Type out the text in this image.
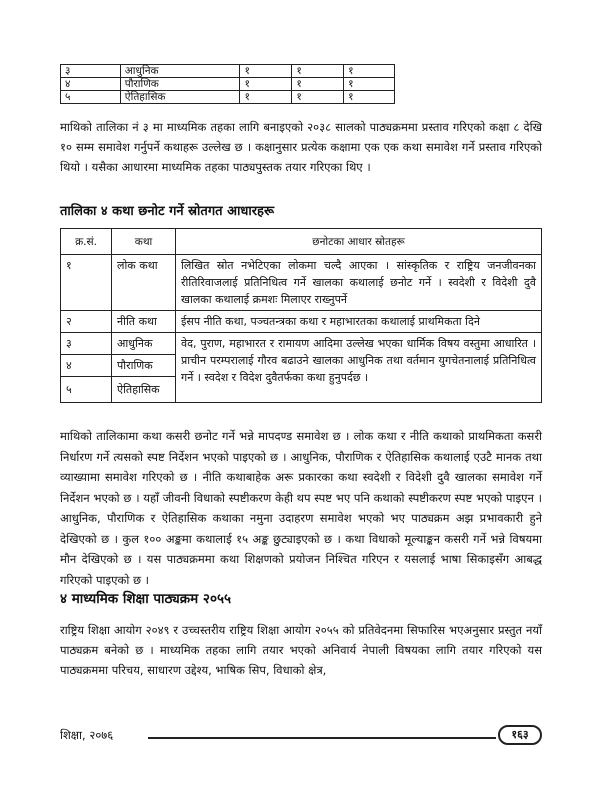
३	आधुनिक	१	१	१
४	पौराणिक	१	१	१
५	ऐतिहासिक	१	१	१

माथिको तालिका नं ३ मा माध्यमिक तहका लागि बनाइएको २०३८ सालको पाठ्यक्रममा प्रस्ताव गरिएको कक्षा ८ देखि १० सम्म समावेश गर्नुपर्ने कथाहरू उल्लेख छ । कक्षानुसार प्रत्येक कक्षामा एक एक कथा समावेश गर्ने प्रस्ताव गरिएको थियो । यसैका आधारमा माध्यमिक तहका पाठ्यपुस्तक तयार गरिएका थिए ।

तालिका ४ कथा छनोट गर्ने स्रोतगत आधारहरू
क्र.सं.	कथा	छनोटका आधार स्रोतहरू
१	लोक कथा	लिखित स्रोत नभेटिएका लोकमा चल्दै आएका । सांस्कृतिक र राष्ट्रिय जनजीवनका रीतिरिवाजलाई प्रतिनिधित्व गर्ने खालका कथालाई छनोट गर्ने । स्वदेशी र विदेशी दुवै खालका कथालाई क्रमशः मिलाएर राख्नुपर्ने
२	नीति कथा	ईसप नीति कथा, पञ्चतन्त्रका कथा र महाभारतका कथालाई प्राथमिकता दिने
३	आधुनिक	वेद, पुराण, महाभारत र रामायण आदिमा उल्लेख भएका धार्मिक विषय वस्तुमा आधारित । प्राचीन परम्परालाई गौरव बढाउने खालका आधुनिक तथा वर्तमान युगचेतनालाई प्रतिनिधित्व गर्ने । स्वदेश र विदेश दुवैतर्फका कथा हुनुपर्दछ ।
४	पौराणिक	
५	ऐतिहासिक	

माथिको तालिकामा कथा कसरी छनोट गर्ने भन्ने मापदण्ड समावेश छ । लोक कथा र नीति कथाको प्राथमिकता कसरी निर्धारण गर्ने त्यसको स्पष्ट निर्देशन भएको पाइएको छ । आधुनिक, पौराणिक र ऐतिहासिक कथालाई एउटै मानक तथा व्याख्यामा समावेश गरिएको छ । नीति कथाबाहेक अरू प्रकारका कथा स्वदेशी र विदेशी दुवै खालका समावेश गर्ने निर्देशन भएको छ । यहाँ जीवनी विधाको स्पष्टीकरण केही थप स्पष्ट भए पनि कथाको स्पष्टीकरण स्पष्ट भएको पाइएन । आधुनिक, पौराणिक र ऐतिहासिक कथाका नमुना उदाहरण समावेश भएको भए पाठ्यक्रम अझ प्रभावकारी हुने देखिएको छ । कुल १०० अङ्कमा कथालाई १५ अङ्क छुट्याइएको छ । कथा विधाको मूल्याङ्कन कसरी गर्ने भन्ने विषयमा मौन देखिएको छ । यस पाठ्यक्रममा कथा शिक्षणको प्रयोजन निश्चित गरिएन र यसलाई भाषा सिकाइसँग आबद्ध गरिएको पाइएको छ ।

४ माध्यमिक शिक्षा पाठ्यक्रम २०५५

राष्ट्रिय शिक्षा आयोग २०४९ र उच्चस्तरीय राष्ट्रिय शिक्षा आयोग २०५५ को प्रतिवेदनमा सिफारिस भएअनुसार प्रस्तुत नयाँ पाठ्यक्रम बनेको छ । माध्यमिक तहका लागि तयार भएको अनिवार्य नेपाली विषयका लागि तयार गरिएको यस पाठ्यक्रममा परिचय, साधारण उद्देश्य, भाषिक सिप, विधाको क्षेत्र,

शिक्षा, २०७६	१६३
